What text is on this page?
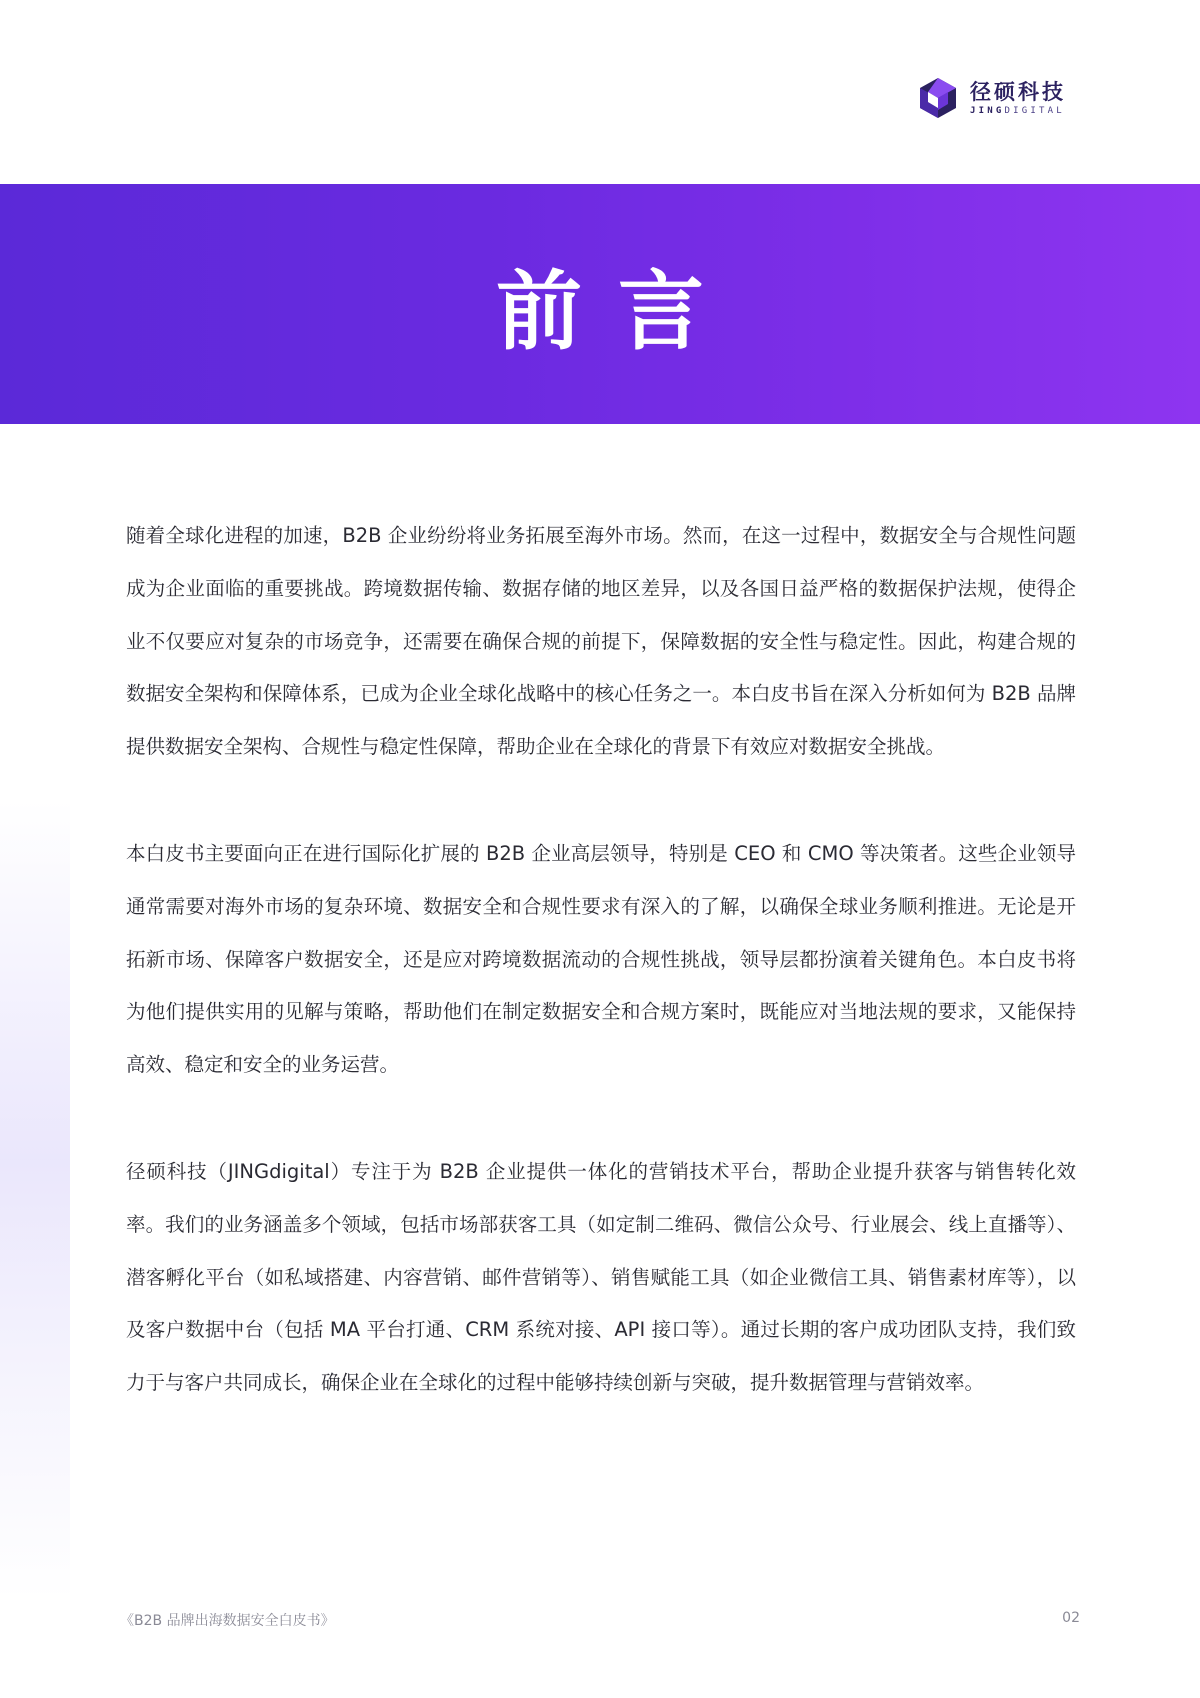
径硕科技
JINGDIGITAL
前言

随着全球化进程的加速，B2B 企业纷纷将业务拓展至海外市场。然而，在这一过程中，数据安全与合规性问题成为企业面临的重要挑战。跨境数据传输、数据存储的地区差异，以及各国日益严格的数据保护法规，使得企业不仅要应对复杂的市场竞争，还需要在确保合规的前提下，保障数据的安全性与稳定性。因此，构建合规的数据安全架构和保障体系，已成为企业全球化战略中的核心任务之一。本白皮书旨在深入分析如何为 B2B 品牌提供数据安全架构、合规性与稳定性保障，帮助企业在全球化的背景下有效应对数据安全挑战。

本白皮书主要面向正在进行国际化扩展的 B2B 企业高层领导，特别是 CEO 和 CMO 等决策者。这些企业领导通常需要对海外市场的复杂环境、数据安全和合规性要求有深入的了解，以确保全球业务顺利推进。无论是开拓新市场、保障客户数据安全，还是应对跨境数据流动的合规性挑战，领导层都扮演着关键角色。本白皮书将为他们提供实用的见解与策略，帮助他们在制定数据安全和合规方案时，既能应对当地法规的要求，又能保持高效、稳定和安全的业务运营。

径硕科技（JINGdigital）专注于为 B2B 企业提供一体化的营销技术平台，帮助企业提升获客与销售转化效率。我们的业务涵盖多个领域，包括市场部获客工具（如定制二维码、微信公众号、行业展会、线上直播等）、潜客孵化平台（如私域搭建、内容营销、邮件营销等）、销售赋能工具（如企业微信工具、销售素材库等），以及客户数据中台（包括 MA 平台打通、CRM 系统对接、API 接口等）。通过长期的客户成功团队支持，我们致力于与客户共同成长，确保企业在全球化的过程中能够持续创新与突破，提升数据管理与营销效率。

《B2B 品牌出海数据安全白皮书》	02
